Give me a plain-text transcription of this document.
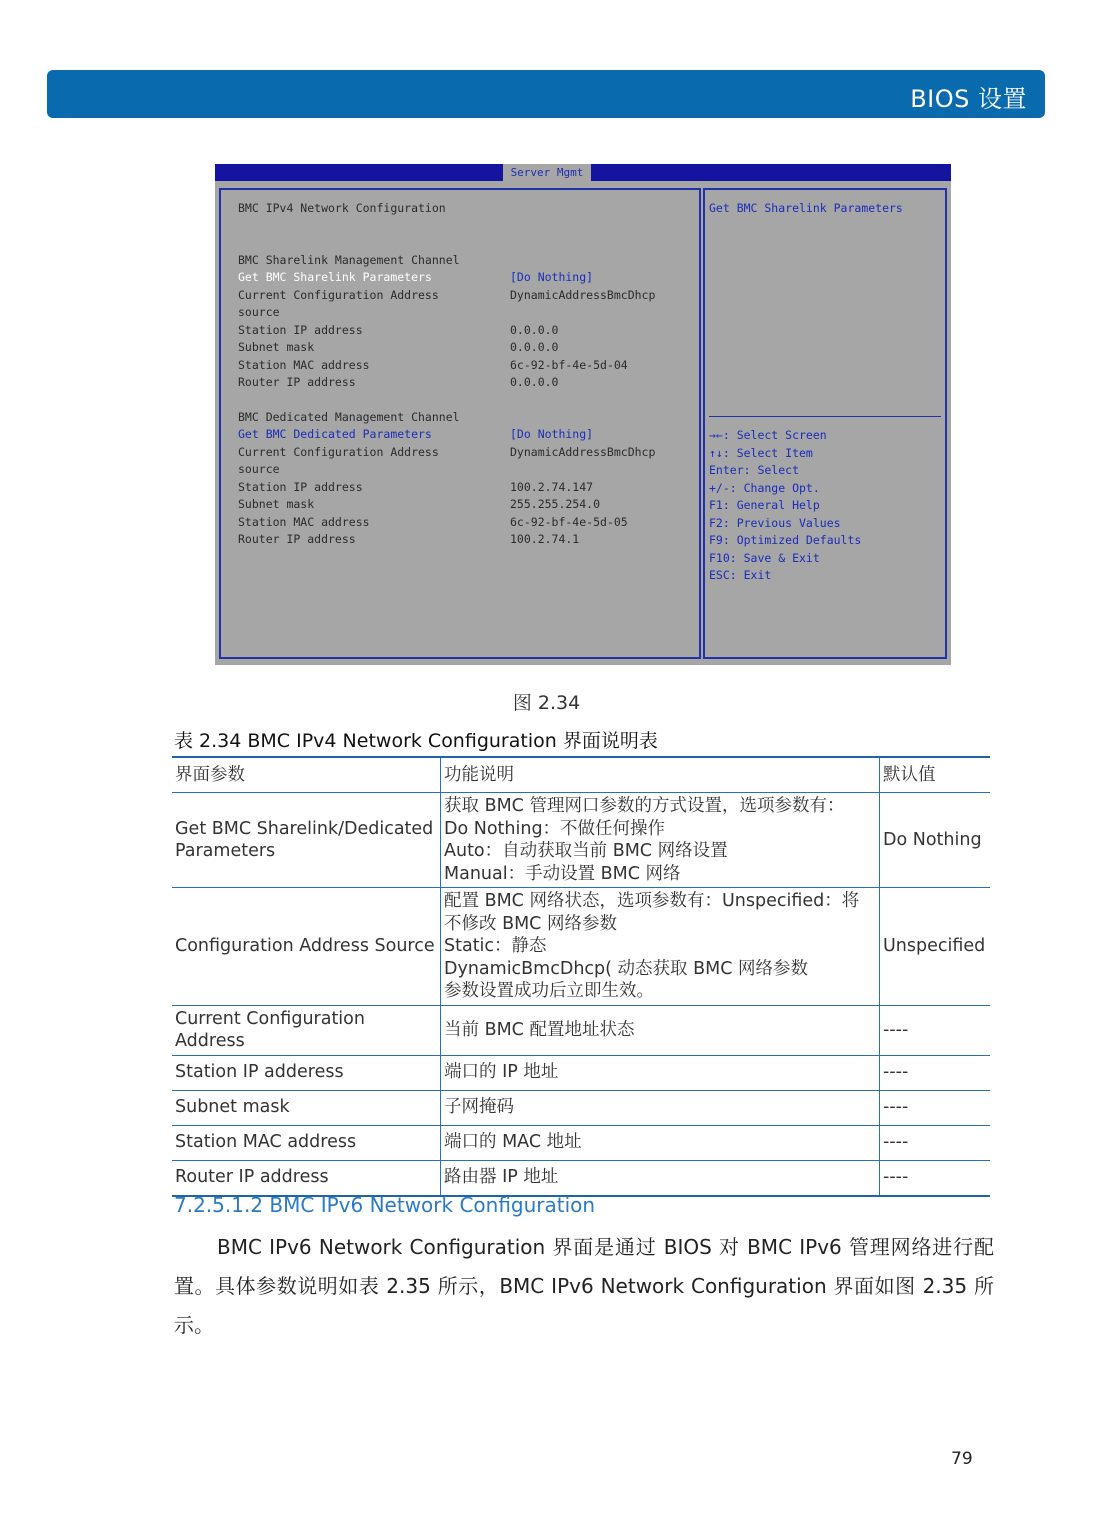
BIOS 设置
Server Mgmt
BMC IPv4 Network Configuration
BMC Sharelink Management Channel
Get BMC Sharelink Parameters	[Do Nothing]
Current Configuration Address	DynamicAddressBmcDhcp
source
Station IP address	0.0.0.0
Subnet mask	0.0.0.0
Station MAC address	6c-92-bf-4e-5d-04
Router IP address	0.0.0.0
BMC Dedicated Management Channel
Get BMC Dedicated Parameters	[Do Nothing]
Current Configuration Address	DynamicAddressBmcDhcp
source
Station IP address	100.2.74.147
Subnet mask	255.255.254.0
Station MAC address	6c-92-bf-4e-5d-05
Router IP address	100.2.74.1
Get BMC Sharelink Parameters
→←: Select Screen
↑↓: Select Item
Enter: Select
+/-: Change Opt.
F1: General Help
F2: Previous Values
F9: Optimized Defaults
F10: Save & Exit
ESC: Exit
图 2.34
表 2.34 BMC IPv4 Network Configuration 界面说明表
界面参数	功能说明	默认值

Get BMC Sharelink/Dedicated
Parameters	获取 BMC 管理网口参数的方式设置，选项参数有：
Do Nothing：不做任何操作
Auto：自动获取当前 BMC 网络设置
Manual：手动设置 BMC 网络	Do Nothing

Configuration Address Source	配置 BMC 网络状态，选项参数有：Unspecified：将
不修改 BMC 网络参数
Static：静态
DynamicBmcDhcp( 动态获取 BMC 网络参数
参数设置成功后立即生效。	Unspecified

Current Configuration Address	当前 BMC 配置地址状态	----

Station IP adderess	端口的 IP 地址	----

Subnet mask	子网掩码	----

Station MAC address	端口的 MAC 地址	----

Router IP address	路由器 IP 地址	----
7.2.5.1.2 BMC IPv6 Network Configuration
BMC IPv6 Network Configuration 界面是通过 BIOS 对 BMC IPv6 管理网络进行配置。具体参数说明如表 2.35 所示，BMC IPv6 Network Configuration 界面如图 2.35 所示。
79
